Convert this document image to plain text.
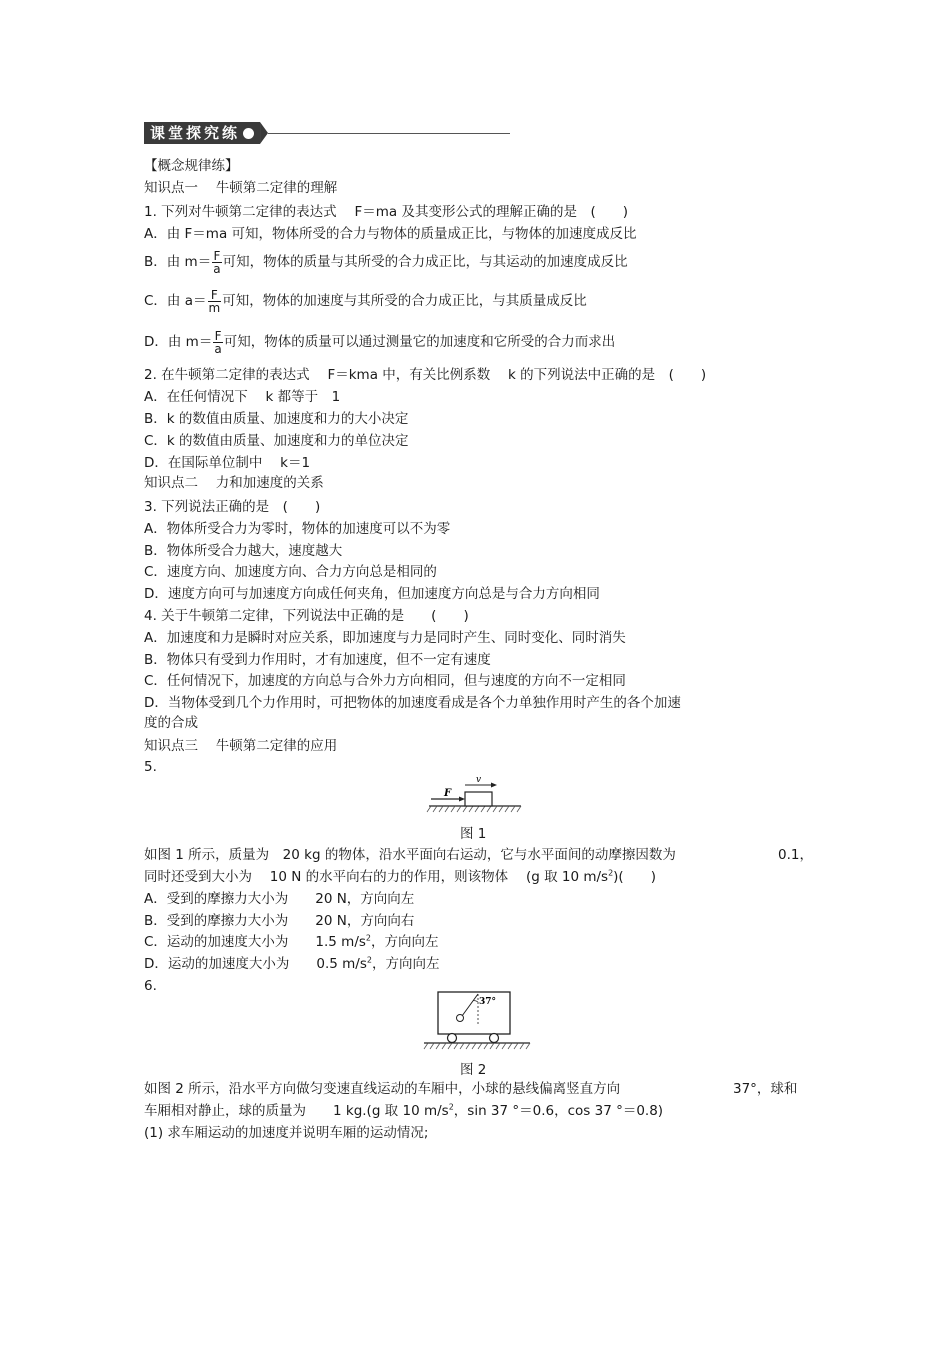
课堂探究练
【概念规律练】
知识点一　 牛顿第二定律的理解
1. 下列对牛顿第二定律的表达式　 F＝ma 及其变形公式的理解正确的是　(　　)
A．由 F＝ma 可知，物体所受的合力与物体的质量成正比，与物体的加速度成反比
B．由 $m= \frac{F}{a}$ 可知，物体的质量与其所受的合力成正比，与其运动的加速度成反比
C．由 $a= \frac{F}{m}$ 可知，物体的加速度与其所受的合力成正比，与其质量成反比
D．由 $m= \frac{F}{a}$ 可知，物体的质量可以通过测量它的加速度和它所受的合力而求出
2. 在牛顿第二定律的表达式　 F＝kma 中，有关比例系数　 k 的下列说法中正确的是　(　　)
A．在任何情况下　 k 都等于　1
B．k 的数值由质量、加速度和力的大小决定
C．k 的数值由质量、加速度和力的单位决定
D．在国际单位制中　 k＝1
知识点二　 力和加速度的关系
3. 下列说法正确的是　(　　)
A．物体所受合力为零时，物体的加速度可以不为零
B．物体所受合力越大，速度越大
C．速度方向、加速度方向、合力方向总是相同的
D．速度方向可与加速度方向成任何夹角，但加速度方向总是与合力方向相同
4. 关于牛顿第二定律，下列说法中正确的是　　(　　)
A．加速度和力是瞬时对应关系，即加速度与力是同时产生、同时变化、同时消失
B．物体只有受到力作用时，才有加速度，但不一定有速度
C．任何情况下，加速度的方向总与合外力方向相同，但与速度的方向不一定相同
D．当物体受到几个力作用时，可把物体的加速度看成是各个力单独作用时产生的各个加速
度的合成
知识点三　 牛顿第二定律的应用
5.
F
v
图 1
如图 1 所示，质量为　20 kg 的物体，沿水平面向右运动，它与水平面间的动摩擦因数为	0.1，
同时还受到大小为　 10 N 的水平向右的力的作用，则该物体　 (g 取 10 $m/s^2$)(　　)
A．受到的摩擦力大小为　　20 N，方向向左
B．受到的摩擦力大小为　　20 N，方向向右
C．运动的加速度大小为　　1.5 $m/s^2$，方向向左
D．运动的加速度大小为　　0.5 $m/s^2$，方向向左
6.
37°
图 2
如图 2 所示，沿水平方向做匀变速直线运动的车厢中，小球的悬线偏离竖直方向	37°，球和
车厢相对静止，球的质量为　　1 kg.(g 取 10 $m/s^2$，sin 37 °＝0.6，cos 37 °＝0.8)
(1) 求车厢运动的加速度并说明车厢的运动情况;
